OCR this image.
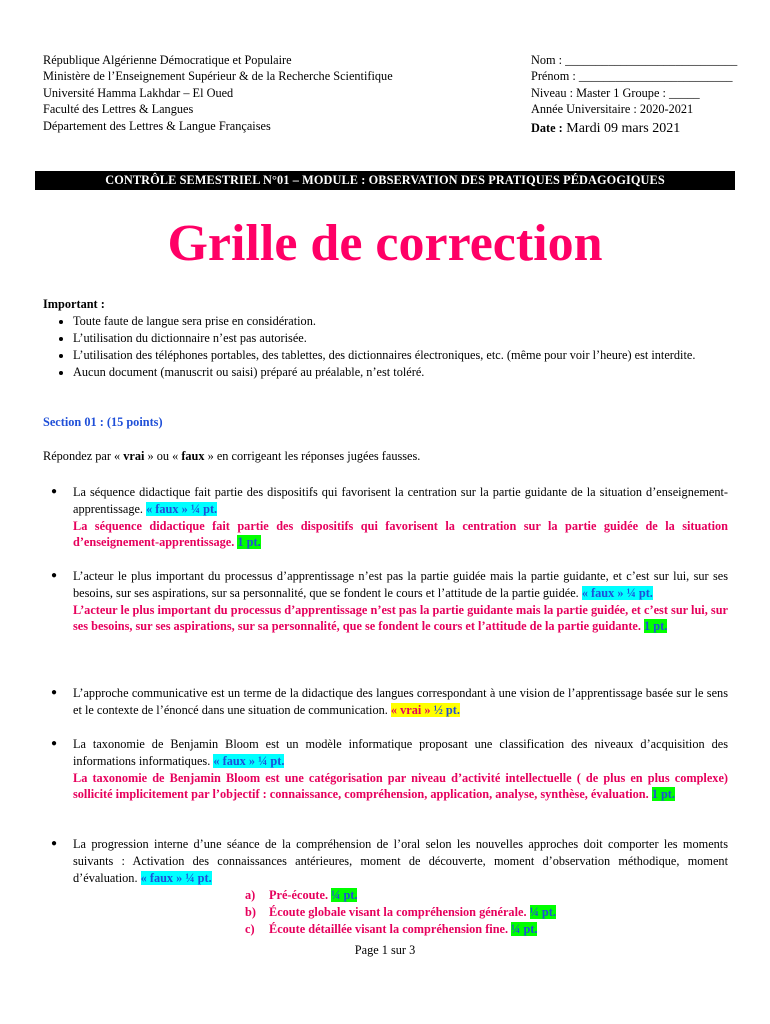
République Algérienne Démocratique et Populaire
Ministère de l’Enseignement Supérieur & de la Recherche Scientifique
Université Hamma Lakhdar – El Oued
Faculté des Lettres & Langues
Département des Lettres & Langue Françaises
Nom : ____________________________
Prénom : _________________________
Niveau : Master 1 Groupe : _____
Année Universitaire : 2020-2021
Date : Mardi 09 mars 2021
CONTRÔLE SEMESTRIEL N°01 – MODULE : OBSERVATION DES PRATIQUES PÉDAGOGIQUES
Grille de correction
Important :
• Toute faute de langue sera prise en considération.
• L’utilisation du dictionnaire n’est pas autorisée.
• L’utilisation des téléphones portables, des tablettes, des dictionnaires électroniques, etc. (même pour voir l’heure) est interdite.
• Aucun document (manuscrit ou saisi) préparé au préalable, n’est toléré.
Section 01 : (15 points)
Répondez par « vrai » ou « faux » en corrigeant les réponses jugées fausses.
● La séquence didactique fait partie des dispositifs qui favorisent la centration sur la partie guidante de la situation d’enseignement-apprentissage. « faux » ¼ pt.
La séquence didactique fait partie des dispositifs qui favorisent la centration sur la partie guidée de la situation d’enseignement-apprentissage. 1 pt.
● L’acteur le plus important du processus d’apprentissage n’est pas la partie guidée mais la partie guidante, et c’est sur lui, sur ses besoins, sur ses aspirations, sur sa personnalité, que se fondent le cours et l’attitude de la partie guidée. « faux » ¼ pt.
L’acteur le plus important du processus d’apprentissage n’est pas la partie guidante mais la partie guidée, et c’est sur lui, sur ses besoins, sur ses aspirations, sur sa personnalité, que se fondent le cours et l’attitude de la partie guidante. 1 pt.
● L’approche communicative est un terme de la didactique des langues correspondant à une vision de l’apprentissage basée sur le sens et le contexte de l’énoncé dans une situation de communication. « vrai » ½ pt.
● La taxonomie de Benjamin Bloom est un modèle informatique proposant une classification des niveaux d’acquisition des informations informatiques. « faux » ¼ pt.
La taxonomie de Benjamin Bloom est une catégorisation par niveau d’activité intellectuelle ( de plus en plus complexe) sollicité implicitement par l’objectif : connaissance, compréhension, application, analyse, synthèse, évaluation. 1 pt.
● La progression interne d’une séance de la compréhension de l’oral selon les nouvelles approches doit comporter les moments suivants : Activation des connaissances antérieures, moment de découverte, moment d’observation méthodique, moment d’évaluation. « faux » ¼ pt.
a) Pré-écoute. ¼ pt.
b) Écoute globale visant la compréhension générale. ¼ pt.
c) Écoute détaillée visant la compréhension fine. ¼ pt.
Page 1 sur 3
